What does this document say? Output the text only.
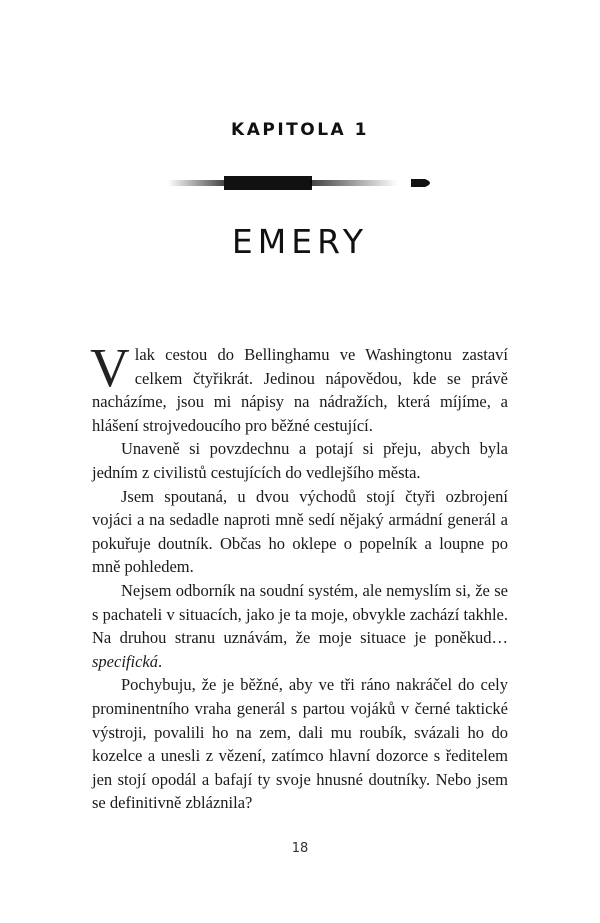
KAPITOLA 1
EMERY

Vlak cestou do Bellinghamu ve Washingtonu zastaví celkem čtyřikrát. Jedinou nápovědou, kde se právě nacházíme, jsou mi nápisy na nádražích, která míjíme, a hlášení strojvedoucího pro běžné cestující.

Unaveně si povzdechnu a potají si přeju, abych byla jedním z civilistů cestujících do vedlejšího města.

Jsem spoutaná, u dvou východů stojí čtyři ozbrojení vojáci a na sedadle naproti mně sedí nějaký armádní generál a pokuřuje doutník. Občas ho oklepe o popelník a loupne po mně pohledem.

Nejsem odborník na soudní systém, ale nemyslím si, že se s pachateli v situacích, jako je ta moje, obvykle zachází takhle. Na druhou stranu uznávám, že moje situace je poněkud… specifická.

Pochybuju, že je běžné, aby ve tři ráno nakráčel do cely prominentního vraha generál s partou vojáků v černé taktické výstroji, povalili ho na zem, dali mu roubík, svázali ho do kozelce a unesli z vězení, zatímco hlavní dozorce s ředitelem jen stojí opodál a bafají ty svoje hnusné doutníky. Nebo jsem se definitivně zbláznila?

18
